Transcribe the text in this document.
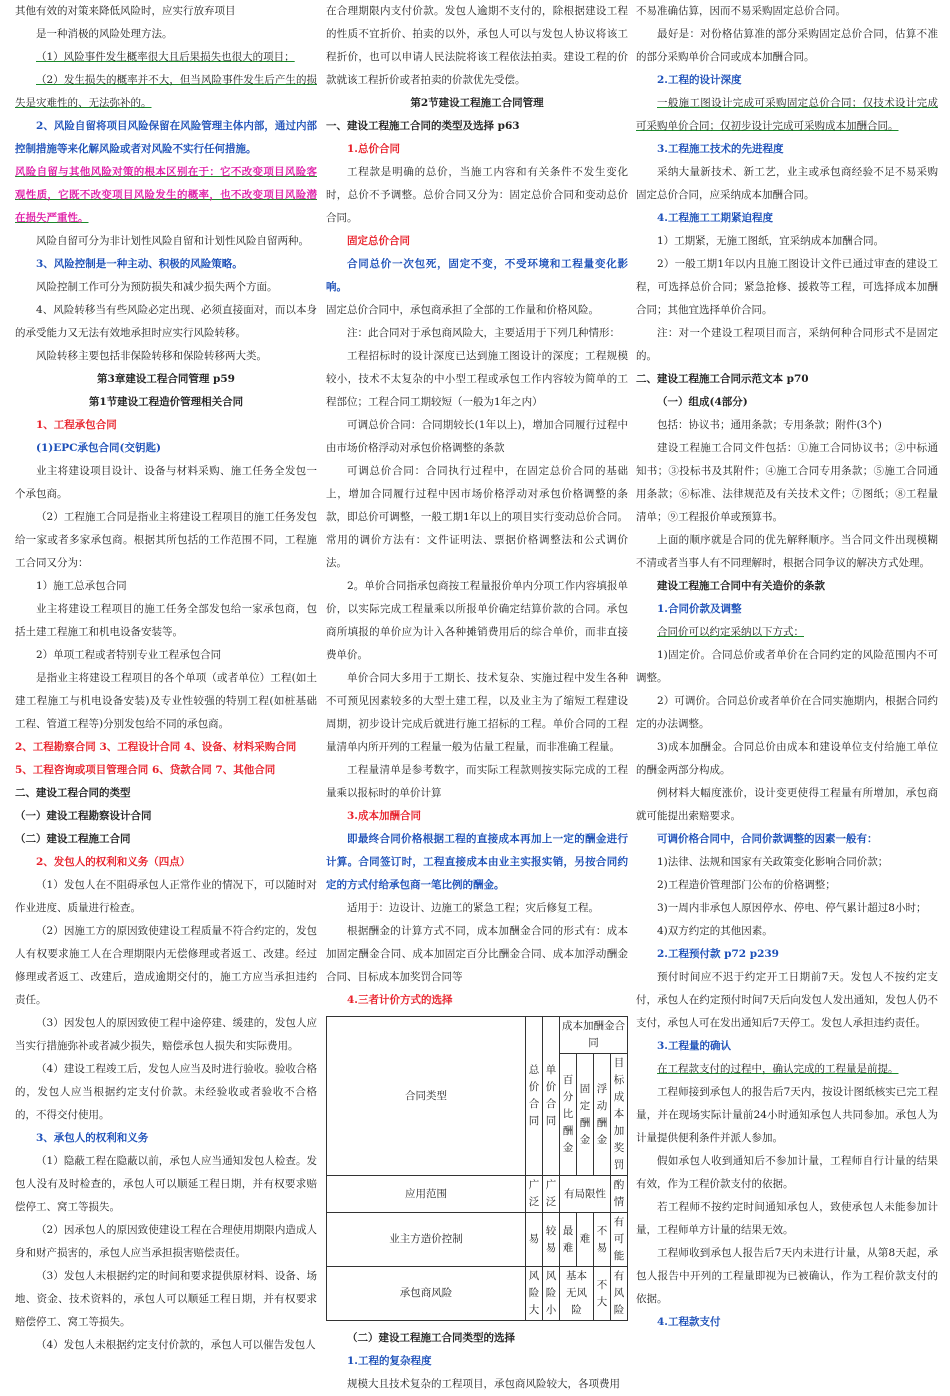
其他有效的对策来降低风险时，应实行放弃项目

是一种消极的风险处理方法。

（1）风险事件发生概率很大且后果损失也很大的项目；

（2）发生损失的概率并不大，但当风险事件发生后产生的损失是灾难性的、无法弥补的。

2、风险自留将项目风险保留在风险管理主体内部，通过内部控制措施等来化解风险或者对风险不实行任何措施。

风险自留与其他风险对策的根本区别在于：它不改变项目风险客观性质，它既不改变项目风险发生的概率，也不改变项目风险潜在损失严重性。

风险自留可分为非计划性风险自留和计划性风险自留两种。

3、风险控制是一种主动、积极的风险策略。

风险控制工作可分为预防损失和减少损失两个方面。

4、风险转移当有些风险必定出现、必须直接面对，而以本身的承受能力又无法有效地承担时应实行风险转移。

风险转移主要包括非保险转移和保险转移两大类。

第3章建设工程合同管理 p59

第1节建设工程造价管理相关合同

1、工程承包合同

(1)EPC承包合同(交钥匙)

业主将建设项目设计、设备与材料采购、施工任务全发包一个承包商。

（2）工程施工合同是指业主将建设工程项目的施工任务发包给一家或者多家承包商。根据其所包括的工作范围不同，工程施工合同又分为：

1）施工总承包合同

业主将建设工程项目的施工任务全部发包给一家承包商，包括土建工程施工和机电设备安装等。

2）单项工程或者特别专业工程承包合同

是指业主将建设工程项目的各个单项（或者单位）工程(如土建工程施工与机电设备安装)及专业性较强的特别工程(如桩基础工程、管道工程等)分别发包给不同的承包商。

2、工程勘察合同 3、工程设计合同 4、设备、材料采购合同

5、工程咨询或项目管理合同 6、贷款合同 7、其他合同

二、建设工程合同的类型

（一）建设工程勘察设计合同

（二）建设工程施工合同

2、发包人的权利和义务（四点）

（1）发包人在不阻碍承包人正常作业的情况下，可以随时对作业进度、质量进行检查。

（2）因施工方的原因致使建设工程质量不符合约定的，发包人有权要求施工人在合理期限内无偿修理或者返工、改建。经过修理或者返工、改建后，造成逾期交付的，施工方应当承担违约责任。

（3）因发包人的原因致使工程中途停建、缓建的，发包人应当实行措施弥补或者减少损失，赔偿承包人损失和实际费用。

（4）建设工程竣工后，发包人应当及时进行验收。验收合格的，发包人应当根据约定支付价款。未经验收或者验收不合格的，不得交付使用。

3、承包人的权利和义务

（1）隐蔽工程在隐蔽以前，承包人应当通知发包人检查。发包人没有及时检查的，承包人可以顺延工程日期，并有权要求赔偿停工、窝工等损失。

（2）因承包人的原因致使建设工程在合理使用期限内造成人身和财产损害的，承包人应当承担损害赔偿责任。

（3）发包人未根据约定的时间和要求提供原材料、设备、场地、资金、技术资料的，承包人可以顺延工程日期，并有权要求赔偿停工、窝工等损失。

（4）发包人未根据约定支付价款的，承包人可以催告发包人

在合理期限内支付价款。发包人逾期不支付的，除根据建设工程的性质不宜折价、拍卖的以外，承包人可以与发包人协议将该工程折价，也可以申请人民法院将该工程依法拍卖。建设工程的价款就该工程折价或者拍卖的价款优先受偿。

第2节建设工程施工合同管理

一、建设工程施工合同的类型及选择 p63

1.总价合同

工程款是明确的总价，当施工内容和有关条件不发生变化时，总价不予调整。总价合同又分为：固定总价合同和变动总价合同。

固定总价合同

合同总价一次包死，固定不变，不受环境和工程量变化影响。

固定总价合同中，承包商承担了全部的工作量和价格风险。

注：此合同对于承包商风险大，主要适用于下列几种情形：

工程招标时的设计深度已达到施工图设计的深度；工程规模较小，技术不太复杂的中小型工程或承包工作内容较为简单的工程部位；工程合同工期较短（一般为1年之内）

可调总价合同：合同期较长(1年以上)，增加合同履行过程中由市场价格浮动对承包价格调整的条款

可调总价合同：合同执行过程中，在固定总价合同的基础上，增加合同履行过程中因市场价格浮动对承包价格调整的条款，即总价可调整，一般工期1年以上的项目实行变动总价合同。常用的调价方法有：文件证明法、票据价格调整法和公式调价法。

2。单价合同指承包商按工程量报价单内分项工作内容填报单价，以实际完成工程量乘以所报单价确定结算价款的合同。承包商所填报的单价应为计入各种摊销费用后的综合单价，而非直接费单价。

单价合同大多用于工期长、技术复杂、实施过程中发生各种不可预见因素较多的大型土建工程，以及业主为了缩短工程建设周期，初步设计完成后就进行施工招标的工程。单价合同的工程量清单内所开列的工程量一般为估量工程量，而非准确工程量。

工程量清单是参考数字，而实际工程款则按实际完成的工程量乘以报标时的单价计算

3.成本加酬合同

即最终合同价格根据工程的直接成本再加上一定的酬金进行计算。合同签订时，工程直接成本由业主实报实销，另按合同约定的方式付给承包商一笔比例的酬金。

适用于：边设计、边施工的紧急工程；灾后修复工程。

根据酬金的计算方式不同，成本加酬金合同的形式有：成本加固定酬金合同、成本加固定百分比酬金合同、成本加浮动酬金合同、目标成本加奖罚合同等

4.三者计价方式的选择

合同类型	总价合同	单价合同	成本加酬金合同			
			百分比酬金	固定酬金	浮动酬金	目标成本加奖罚
应用范围	广泛	广泛	有局限性			酌情
业主方造价控制	易	较易	最难	难	不易	有可能
承包商风险	风险大	风险小	基本无风险		不大	有风险

（二）建设工程施工合同类型的选择

1.工程的复杂程度

规模大且技术复杂的工程项目，承包商风险较大，各项费用

不易准确估算，因而不易采购固定总价合同。

最好是：对份格估算准的部分采购固定总价合同，估算不准的部分采购单价合同或成本加酬合同。

2.工程的设计深度

一般施工图设计完成可采购固定总价合同；仅技术设计完成可采购单价合同；仅初步设计完成可采购成本加酬合同。

3.工程施工技术的先进程度

采纳大量新技术、新工艺，业主或承包商经验不足不易采购固定总价合同，应采纳成本加酬合同。

4.工程施工工期紧迫程度

1）工期紧，无施工图纸，宜采纳成本加酬合同。

2）一般工期1年以内且施工图设计文件已通过审查的建设工程，可选择总价合同；紧急抢修、援救等工程，可选择成本加酬合同；其他宜选择单价合同。

注：对一个建设工程项目而言，采纳何种合同形式不是固定的。

二、建设工程施工合同示范文本 p70

（一）组成(4部分)

包括：协议书；通用条款；专用条款；附件(3个)

建设工程施工合同文件包括：①施工合同协议书；②中标通知书；③投标书及其附件；④施工合同专用条款；⑤施工合同通用条款；⑥标准、法律规范及有关技术文件；⑦图纸；⑧工程量清单；⑨工程报价单或预算书。

上面的顺序就是合同的优先解释顺序。当合同文件出现模糊不清或者当事人有不同理解时，根据合同争议的解决方式处理。

建设工程施工合同中有关造价的条款

1.合同价款及调整

合同价可以约定采纳以下方式：

1)固定价。合同总价或者单价在合同约定的风险范围内不可调整。

2）可调价。合同总价或者单价在合同实施期内，根据合同约定的办法调整。

3)成本加酬金。合同总价由成本和建设单位支付给施工单位的酬金两部分构成。

例材料大幅度涨价，设计变更使得工程量有所增加，承包商就可能提出索赔要求。

可调价格合同中，合同价款调整的因素一般有：

1)法律、法规和国家有关政策变化影响合同价款；

2)工程造价管理部门公布的价格调整；

3)一周内非承包人原因停水、停电、停气累计超过8小时；

4)双方约定的其他因素。

2.工程预付款 p72 p239

预付时间应不迟于约定开工日期前7天。发包人不按约定支付，承包人在约定预付时间7天后向发包人发出通知，发包人仍不支付，承包人可在发出通知后7天停工。发包人承担违约责任。

3.工程量的确认

在工程款支付的过程中，确认完成的工程量是前提。

工程师接到承包人的报告后7天内，按设计图纸核实已完工程量，并在现场实际计量前24小时通知承包人共同参加。承包人为计量提供便利条件并派人参加。

假如承包人收到通知后不参加计量，工程师自行计量的结果有效，作为工程价款支付的依据。

若工程师不按约定时间通知承包人，致使承包人未能参加计量，工程师单方计量的结果无效。

工程师收到承包人报告后7天内未进行计量，从第8天起，承包人报告中开列的工程量即视为已被确认，作为工程价款支付的依据。

4.工程款支付
